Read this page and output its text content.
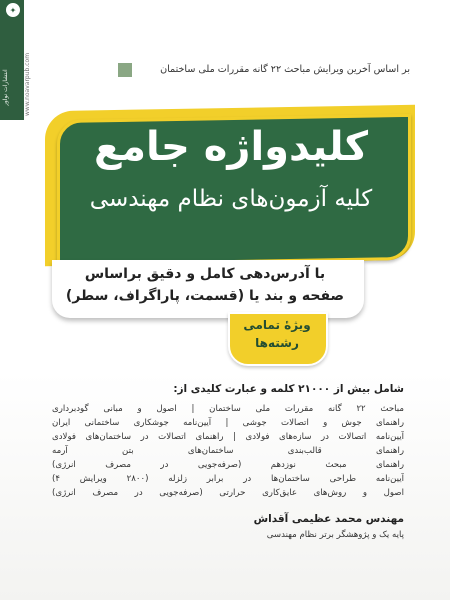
✦
انتشارات نوآور	www.noavarpub.com	بر اساس آخرین ویرایش مباحث ۲۲ گانه مقررات ملی ساختمان
کلیدواژه جامع
کلیه آزمون‌های نظام مهندسی
با آدرس‌دهی کامل و دقیق براساس
صفحه و بند یا (قسمت، پاراگراف، سطر)
ویژهٔ تمامی
رشته‌ها
شامل بیش از ۲۱۰۰۰ کلمه و عبارت کلیدی از:
مباحث ۲۲ گانه مقررات ملی ساختمان | اصول و مبانی گودبرداری
راهنمای جوش و اتصالات جوشی | آیین‌نامه جوشکاری ساختمانی ایران
آیین‌نامه اتصالات در سازه‌های فولادی | راهنمای اتصالات در ساختمان‌های فولادی
راهنمای قالب‌بندی ساختمان‌های بتن آرمه
راهنمای مبحث نوزدهم (صرفه‌جویی در مصرف انرژی)
آیین‌نامه طراحی ساختمان‌ها در برابر زلزله (۲۸۰۰ ویرایش ۴)
اصول و روش‌های عایق‌کاری حرارتی (صرفه‌جویی در مصرف انرژی)
مهندس محمد عظیمی آقداش
پایه یک و پژوهشگر برتر نظام مهندسی
